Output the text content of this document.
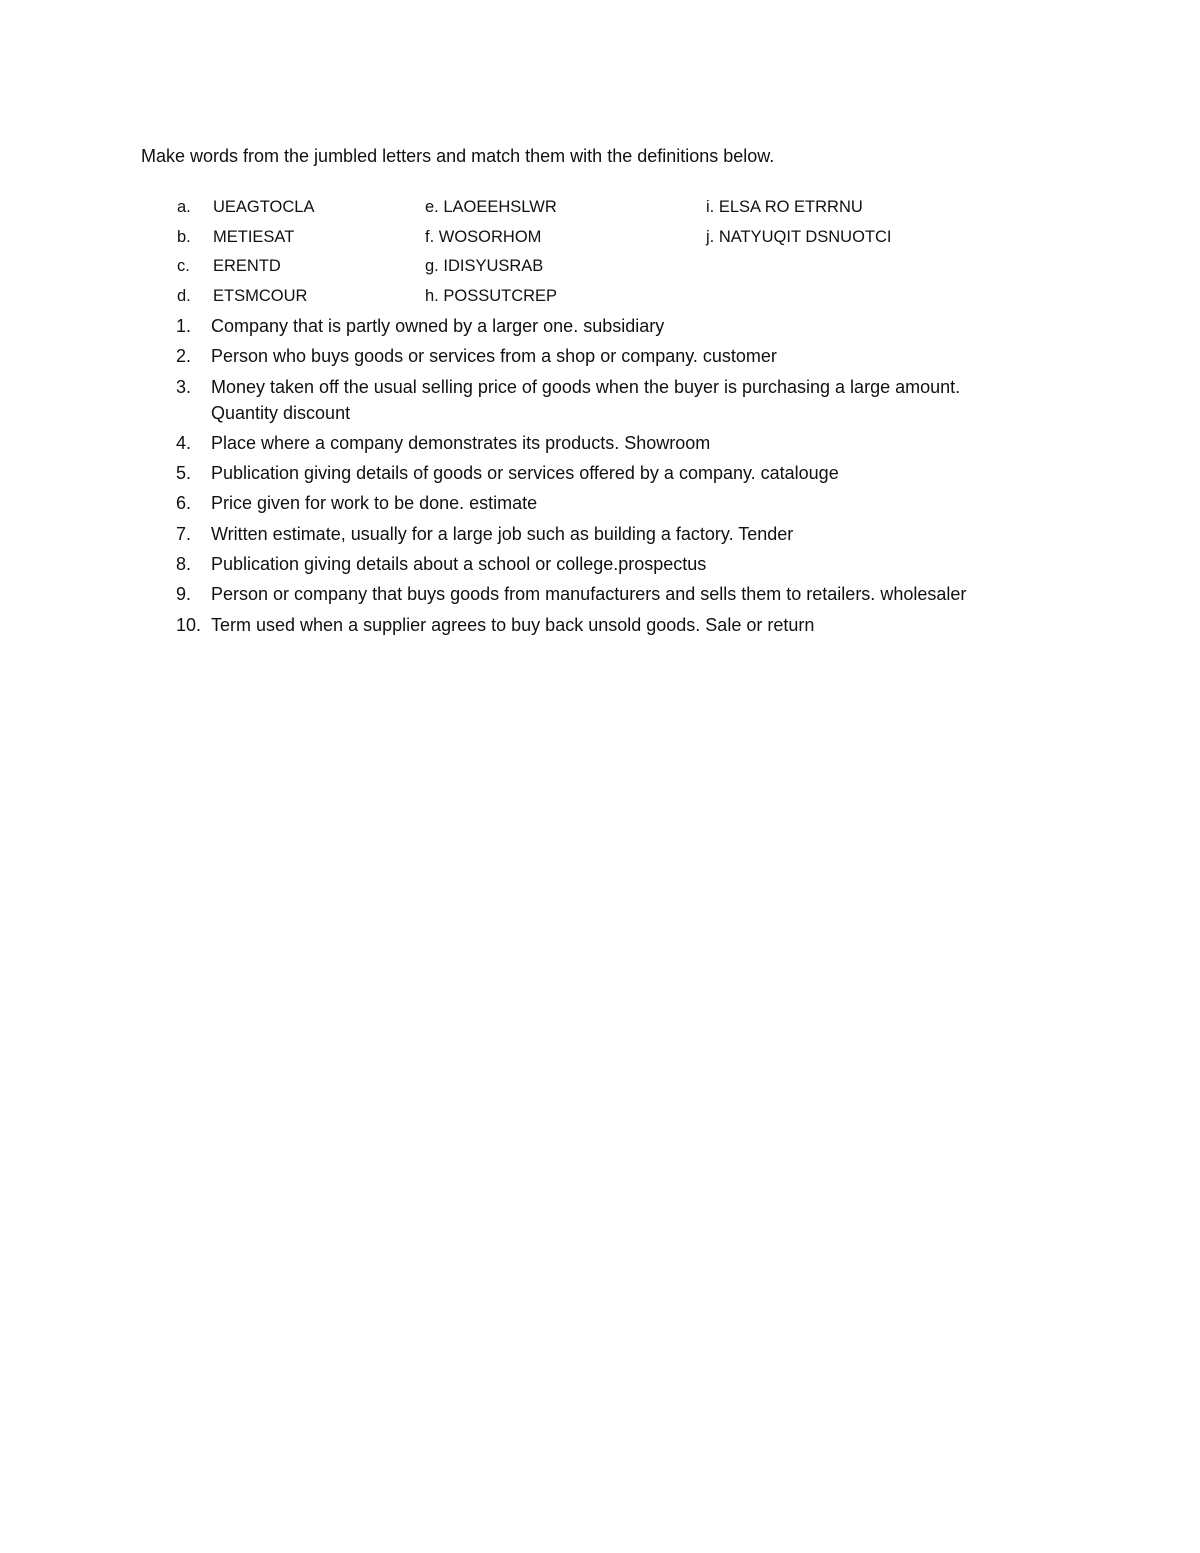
Make words from the jumbled letters and match them with the definitions below.
a. UEAGTOCLA	e. LAOEEHSLWR	i. ELSA RO ETRRNU
b. METIESAT	f. WOSORHOM	j. NATYUQIT DSNUOTCI
c. ERENTD	g. IDISYUSRAB
d. ETSMCOUR	h. POSSUTCREP
1. Company that is partly owned by a larger one. subsidiary
2. Person who buys goods or services from a shop or company. customer
3. Money taken off the usual selling price of goods when the buyer is purchasing a large amount.
Quantity discount
4. Place where a company demonstrates its products. Showroom
5. Publication giving details of goods or services offered by a company. catalouge
6. Price given for work to be done. estimate
7. Written estimate, usually for a large job such as building a factory. Tender
8. Publication giving details about a school or college.prospectus
9. Person or company that buys goods from manufacturers and sells them to retailers. wholesaler
10. Term used when a supplier agrees to buy back unsold goods. Sale or return
